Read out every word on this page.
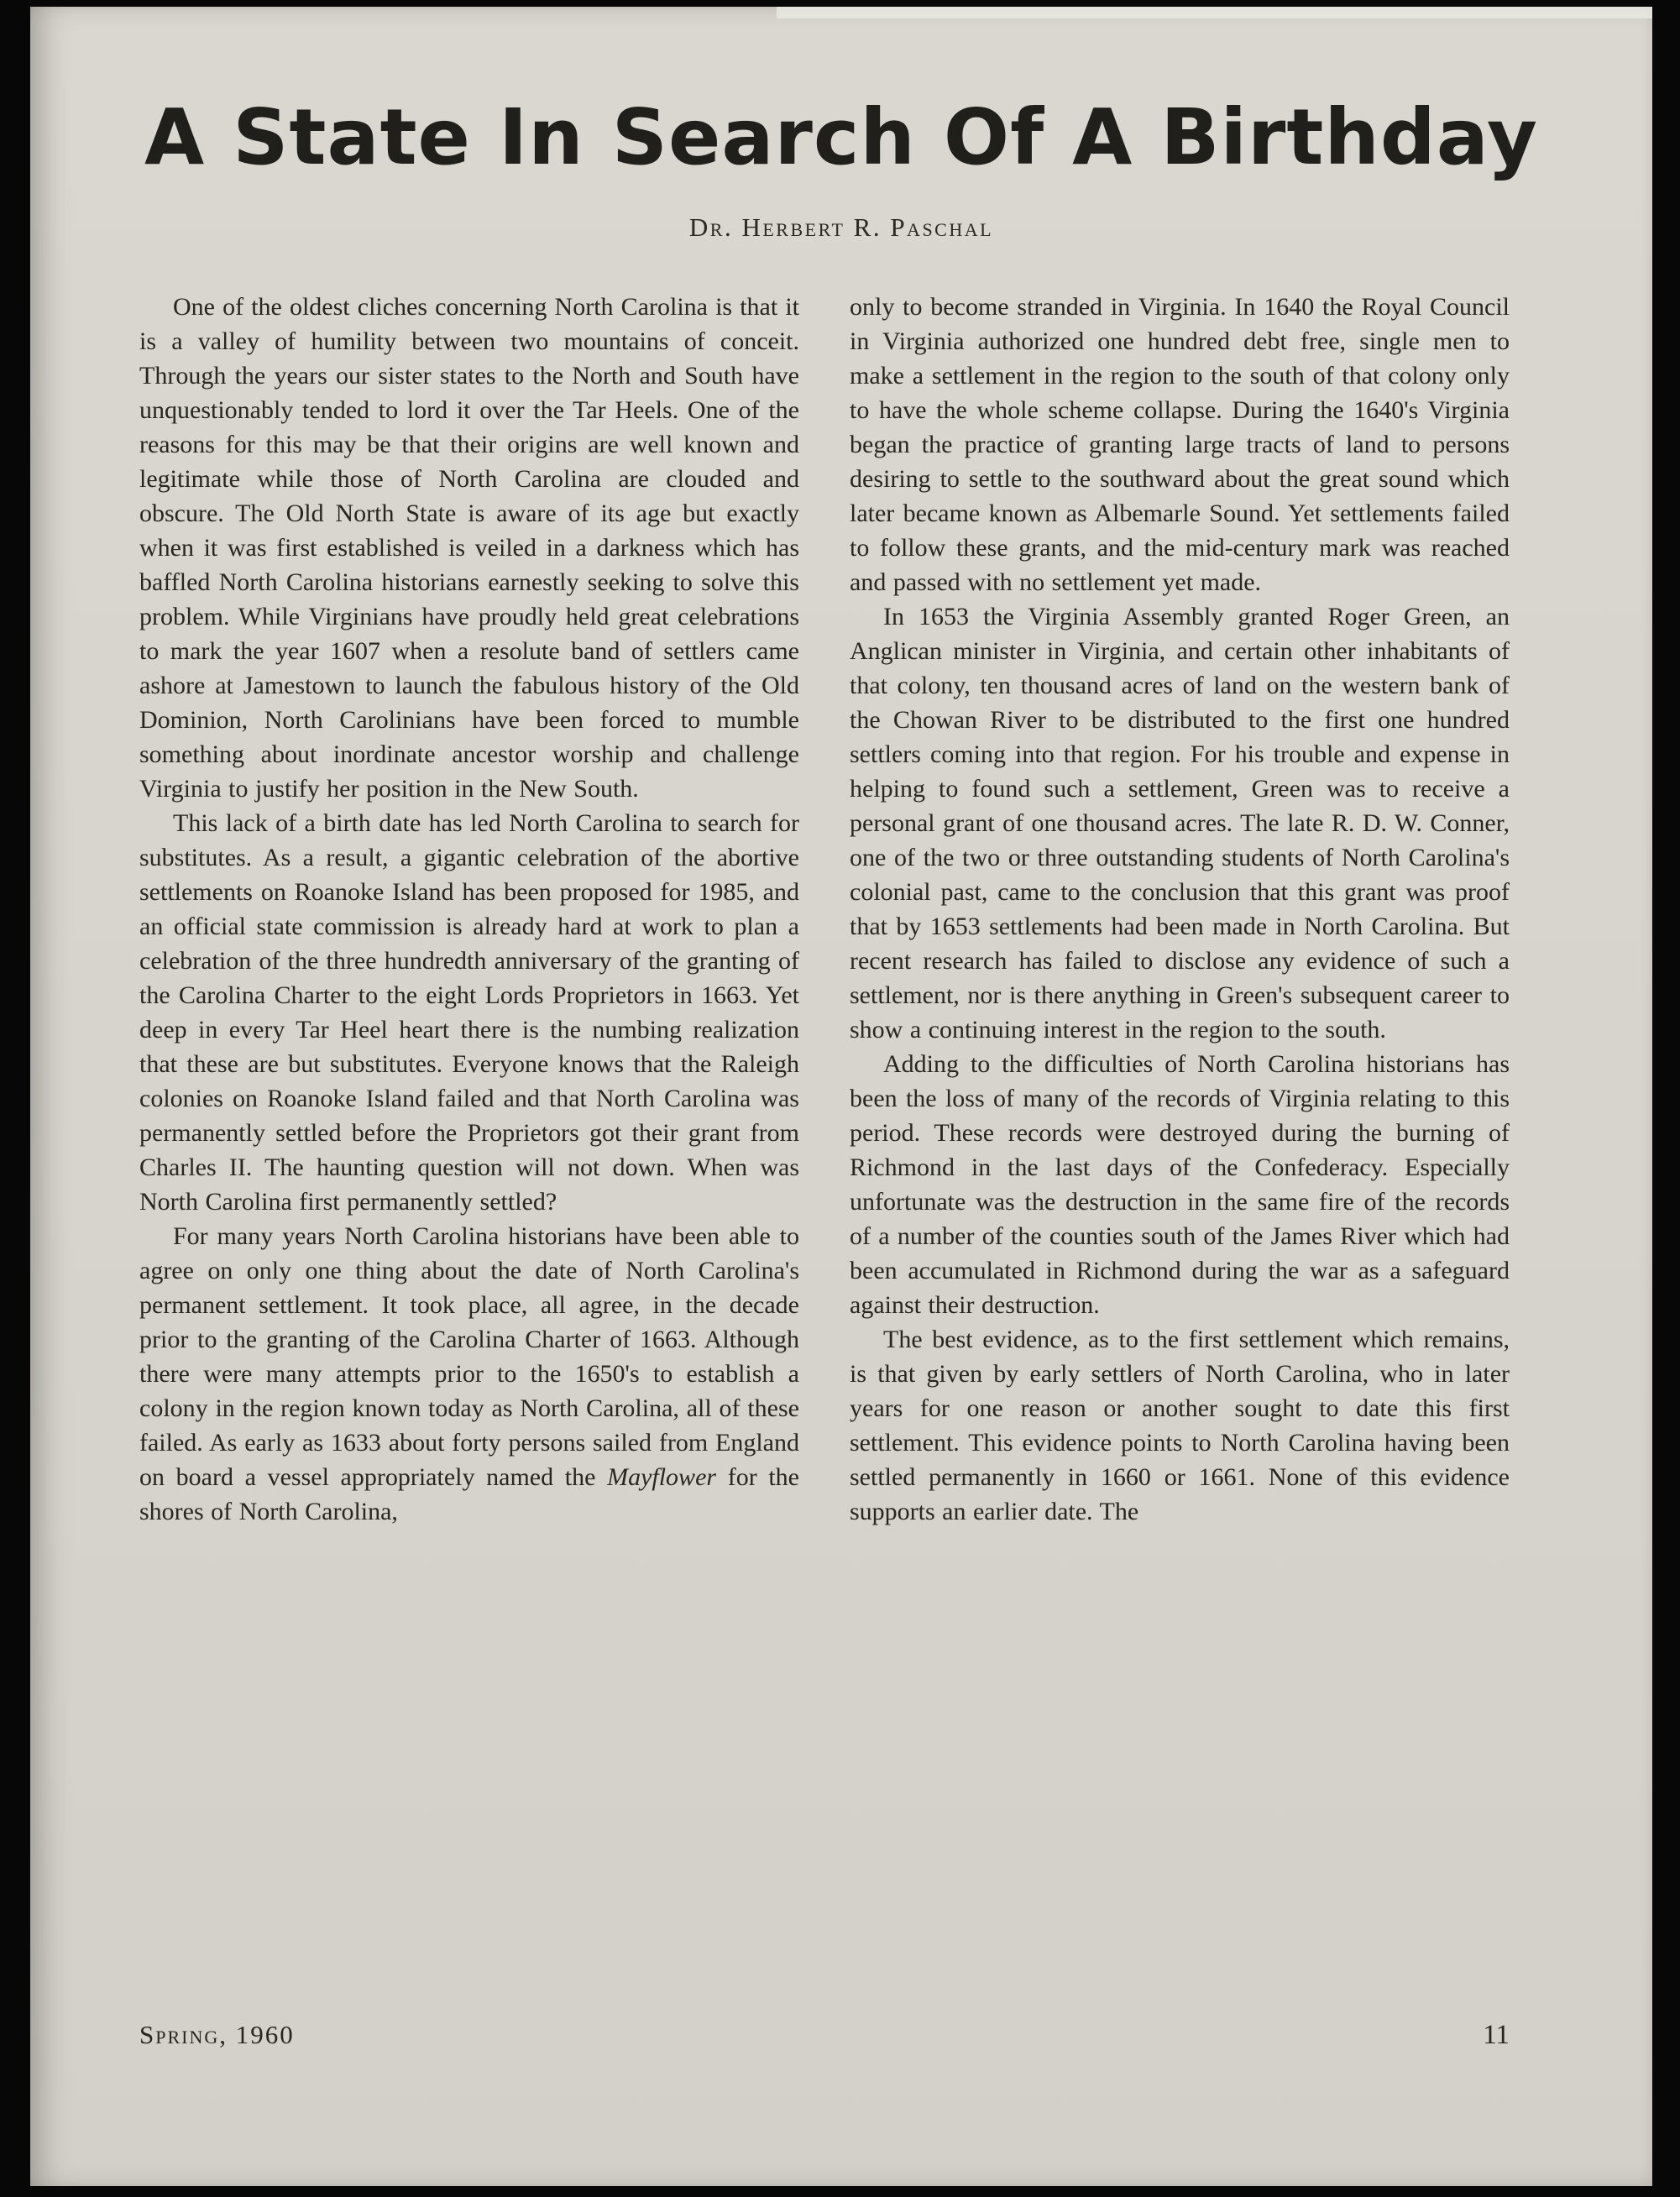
A State In Search Of A Birthday
Dr. Herbert R. Paschal

One of the oldest cliches concerning North Carolina is that it is a valley of humility between two mountains of conceit. Through the years our sister states to the North and South have unquestionably tended to lord it over the Tar Heels. One of the reasons for this may be that their origins are well known and legitimate while those of North Carolina are clouded and obscure. The Old North State is aware of its age but exactly when it was first established is veiled in a darkness which has baffled North Carolina historians earnestly seeking to solve this problem. While Virginians have proudly held great celebrations to mark the year 1607 when a resolute band of settlers came ashore at Jamestown to launch the fabulous history of the Old Dominion, North Carolinians have been forced to mumble something about inordinate ancestor worship and challenge Virginia to justify her position in the New South.

This lack of a birth date has led North Carolina to search for substitutes. As a result, a gigantic celebration of the abortive settlements on Roanoke Island has been proposed for 1985, and an official state commission is already hard at work to plan a celebration of the three hundredth anniversary of the granting of the Carolina Charter to the eight Lords Proprietors in 1663. Yet deep in every Tar Heel heart there is the numbing realization that these are but substitutes. Everyone knows that the Raleigh colonies on Roanoke Island failed and that North Carolina was permanently settled before the Proprietors got their grant from Charles II. The haunting question will not down. When was North Carolina first permanently settled?

For many years North Carolina historians have been able to agree on only one thing about the date of North Carolina's permanent settlement. It took place, all agree, in the decade prior to the granting of the Carolina Charter of 1663. Although there were many attempts prior to the 1650's to establish a colony in the region known today as North Carolina, all of these failed. As early as 1633 about forty persons sailed from England on board a vessel appropriately named the Mayflower for the shores of North Carolina,

only to become stranded in Virginia. In 1640 the Royal Council in Virginia authorized one hundred debt free, single men to make a settlement in the region to the south of that colony only to have the whole scheme collapse. During the 1640's Virginia began the practice of granting large tracts of land to persons desiring to settle to the southward about the great sound which later became known as Albemarle Sound. Yet settlements failed to follow these grants, and the mid-century mark was reached and passed with no settlement yet made.

In 1653 the Virginia Assembly granted Roger Green, an Anglican minister in Virginia, and certain other inhabitants of that colony, ten thousand acres of land on the western bank of the Chowan River to be distributed to the first one hundred settlers coming into that region. For his trouble and expense in helping to found such a settlement, Green was to receive a personal grant of one thousand acres. The late R. D. W. Conner, one of the two or three outstanding students of North Carolina's colonial past, came to the conclusion that this grant was proof that by 1653 settlements had been made in North Carolina. But recent research has failed to disclose any evidence of such a settlement, nor is there anything in Green's subsequent career to show a continuing interest in the region to the south.

Adding to the difficulties of North Carolina historians has been the loss of many of the records of Virginia relating to this period. These records were destroyed during the burning of Richmond in the last days of the Confederacy. Especially unfortunate was the destruction in the same fire of the records of a number of the counties south of the James River which had been accumulated in Richmond during the war as a safeguard against their destruction.

The best evidence, as to the first settlement which remains, is that given by early settlers of North Carolina, who in later years for one reason or another sought to date this first settlement. This evidence points to North Carolina having been settled permanently in 1660 or 1661. None of this evidence supports an earlier date. The

Spring, 1960	11
